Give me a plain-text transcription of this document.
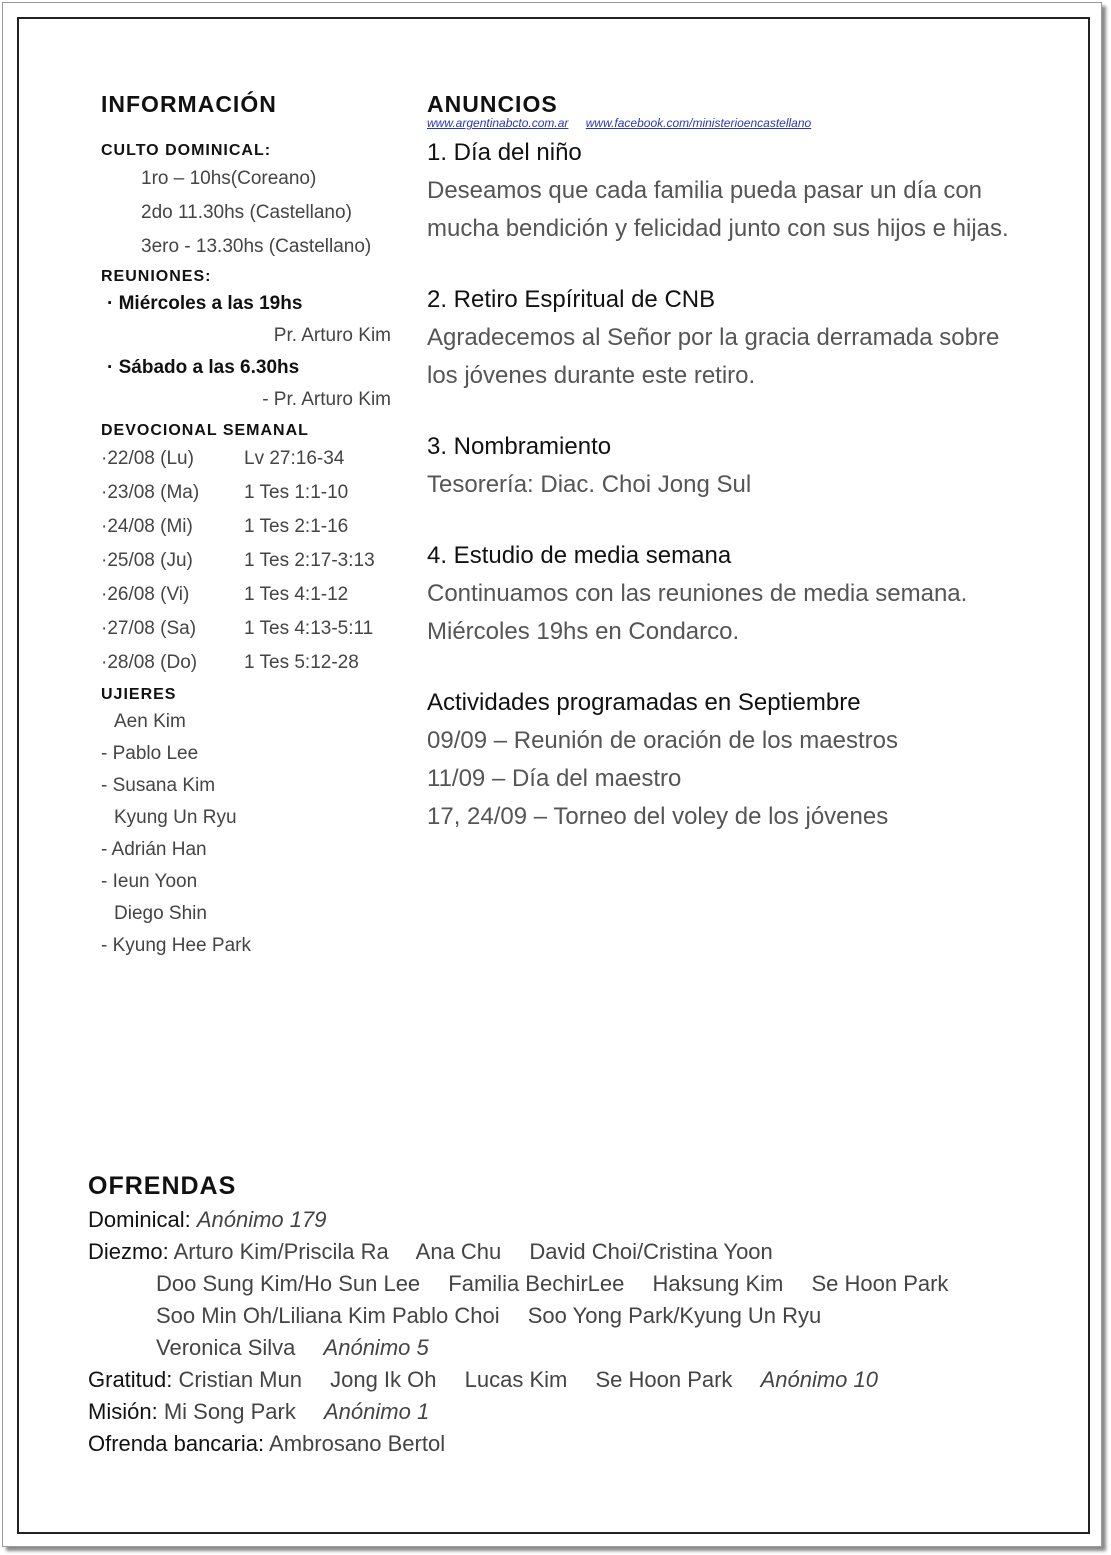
INFORMACIÓN
CULTO DOMINICAL:
1ro – 10hs(Coreano)
2do 11.30hs (Castellano)
3ero - 13.30hs (Castellano)
REUNIONES:
· Miércoles a las 19hs
Pr. Arturo Kim
· Sábado a las 6.30hs
- Pr. Arturo Kim
DEVOCIONAL SEMANAL
·22/08 (Lu)	Lv 27:16-34
·23/08 (Ma)	1 Tes 1:1-10
·24/08 (Mi)	1 Tes 2:1-16
·25/08 (Ju)	1 Tes 2:17-3:13
·26/08 (Vi)	1 Tes 4:1-12
·27/08 (Sa)	1 Tes 4:13-5:11
·28/08 (Do)	1 Tes 5:12-28
UJIERES
Aen Kim
- Pablo Lee
- Susana Kim
Kyung Un Ryu
- Adrián Han
- Ieun Yoon
Diego Shin
- Kyung Hee Park
ANUNCIOS
www.argentinabcto.com.ar www.facebook.com/ministerioencastellano
1. Día del niño
Deseamos que cada familia pueda pasar un día con mucha bendición y felicidad junto con sus hijos e hijas.
2. Retiro Espíritual de CNB
Agradecemos al Señor por la gracia derramada sobre los jóvenes durante este retiro.
3. Nombramiento
Tesorería: Diac. Choi Jong Sul
4. Estudio de media semana
Continuamos con las reuniones de media semana. Miércoles 19hs en Condarco.
Actividades programadas en Septiembre
09/09 – Reunión de oración de los maestros
11/09 – Día del maestro
17, 24/09 – Torneo del voley de los jóvenes
OFRENDAS
Dominical: Anónimo 179
Diezmo: Arturo Kim/Priscila Ra Ana Chu David Choi/Cristina Yoon
Doo Sung Kim/Ho Sun Lee Familia BechirLee Haksung Kim Se Hoon Park
Soo Min Oh/Liliana Kim Pablo Choi Soo Yong Park/Kyung Un Ryu
Veronica Silva Anónimo 5
Gratitud: Cristian Mun Jong Ik Oh Lucas Kim Se Hoon Park Anónimo 10
Misión: Mi Song Park Anónimo 1
Ofrenda bancaria: Ambrosano Bertol
